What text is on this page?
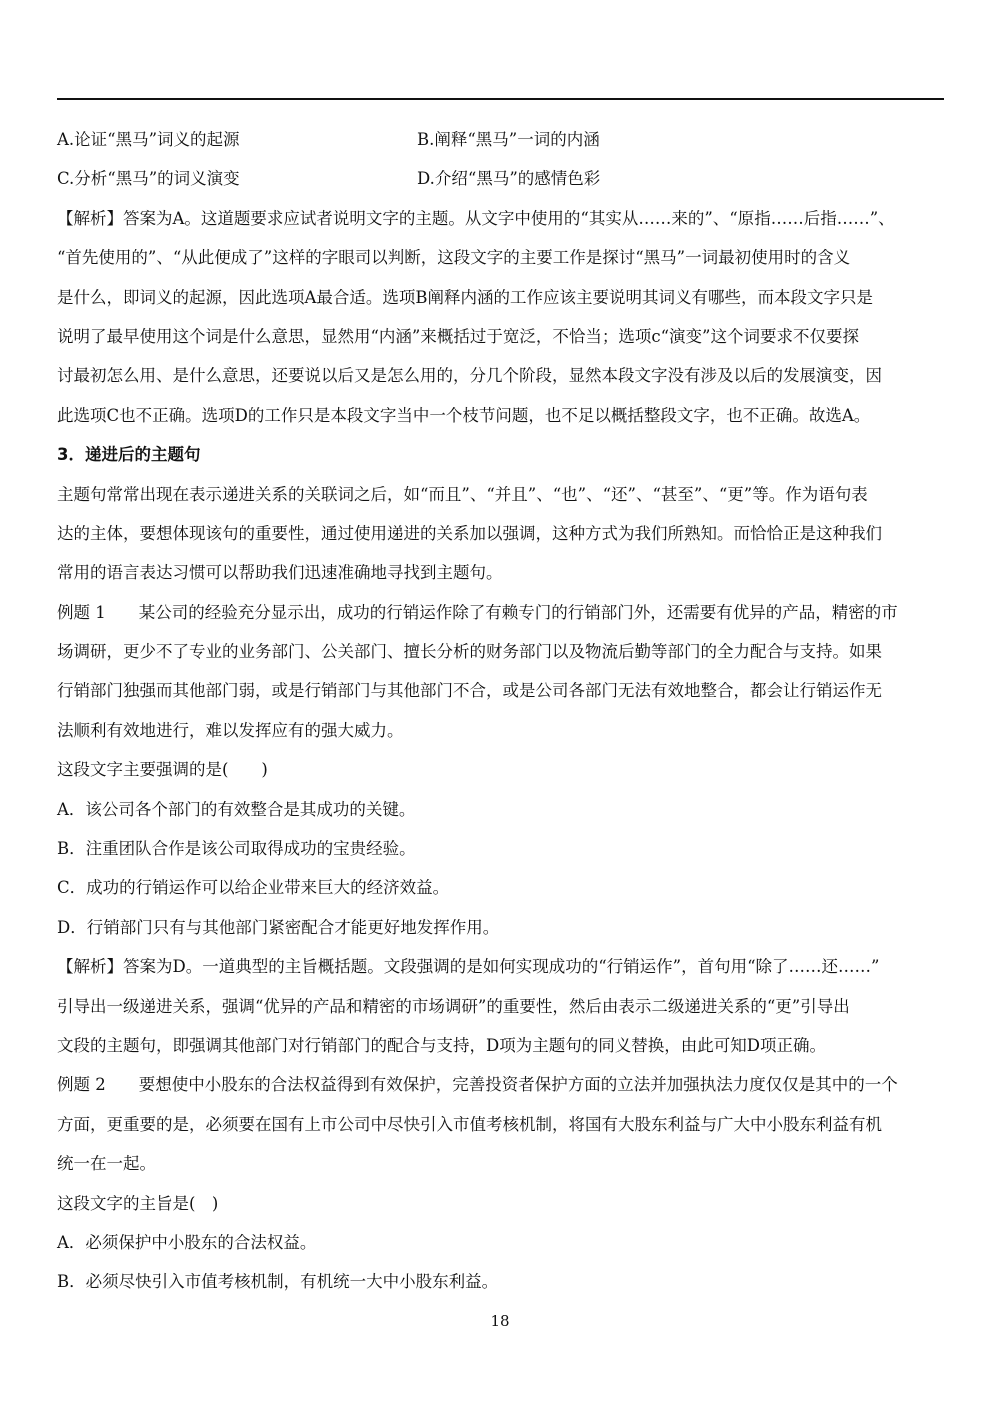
A.论证“黑马”词义的起源	B.阐释“黑马”一词的内涵
C.分析“黑马”的词义演变	D.介绍“黑马”的感情色彩
【解析】答案为A。这道题要求应试者说明文字的主题。从文字中使用的“其实从……来的”、“原指……后指……”、
“首先使用的”、“从此便成了”这样的字眼司以判断，这段文字的主要工作是探讨“黑马”一词最初使用时的含义
是什么，即词义的起源，因此选项A最合适。选项B阐释内涵的工作应该主要说明其词义有哪些，而本段文字只是
说明了最早使用这个词是什么意思，显然用“内涵”来概括过于宽泛，不恰当；选项c“演变”这个词要求不仅要探
讨最初怎么用、是什么意思，还要说以后又是怎么用的，分几个阶段，显然本段文字没有涉及以后的发展演变，因
此选项C也不正确。选项D的工作只是本段文字当中一个枝节问题，也不足以概括整段文字，也不正确。故选A。
3．递进后的主题句
主题句常常出现在表示递进关系的关联词之后，如“而且”、“并且”、“也”、“还”、“甚至”、“更”等。作为语句表
达的主体，要想体现该句的重要性，通过使用递进的关系加以强调，这种方式为我们所熟知。而恰恰正是这种我们
常用的语言表达习惯可以帮助我们迅速准确地寻找到主题句。
例题 1　　某公司的经验充分显示出，成功的行销运作除了有赖专门的行销部门外，还需要有优异的产品，精密的市
场调研，更少不了专业的业务部门、公关部门、擅长分析的财务部门以及物流后勤等部门的全力配合与支持。如果
行销部门独强而其他部门弱，或是行销部门与其他部门不合，或是公司各部门无法有效地整合，都会让行销运作无
法顺利有效地进行，难以发挥应有的强大威力。
这段文字主要强调的是(　　)
A．该公司各个部门的有效整合是其成功的关键。
B．注重团队合作是该公司取得成功的宝贵经验。
C．成功的行销运作可以给企业带来巨大的经济效益。
D．行销部门只有与其他部门紧密配合才能更好地发挥作用。
【解析】答案为D。一道典型的主旨概括题。文段强调的是如何实现成功的“行销运作”，首句用“除了……还……”
引导出一级递进关系，强调“优异的产品和精密的市场调研”的重要性，然后由表示二级递进关系的“更”引导出
文段的主题句，即强调其他部门对行销部门的配合与支持，D项为主题句的同义替换，由此可知D项正确。
例题 2　　要想使中小股东的合法权益得到有效保护，完善投资者保护方面的立法并加强执法力度仅仅是其中的一个
方面，更重要的是，必须要在国有上市公司中尽快引入市值考核机制，将国有大股东利益与广大中小股东利益有机
统一在一起。
这段文字的主旨是(　)
A．必须保护中小股东的合法权益。
B．必须尽快引入市值考核机制，有机统一大中小股东利益。
18
